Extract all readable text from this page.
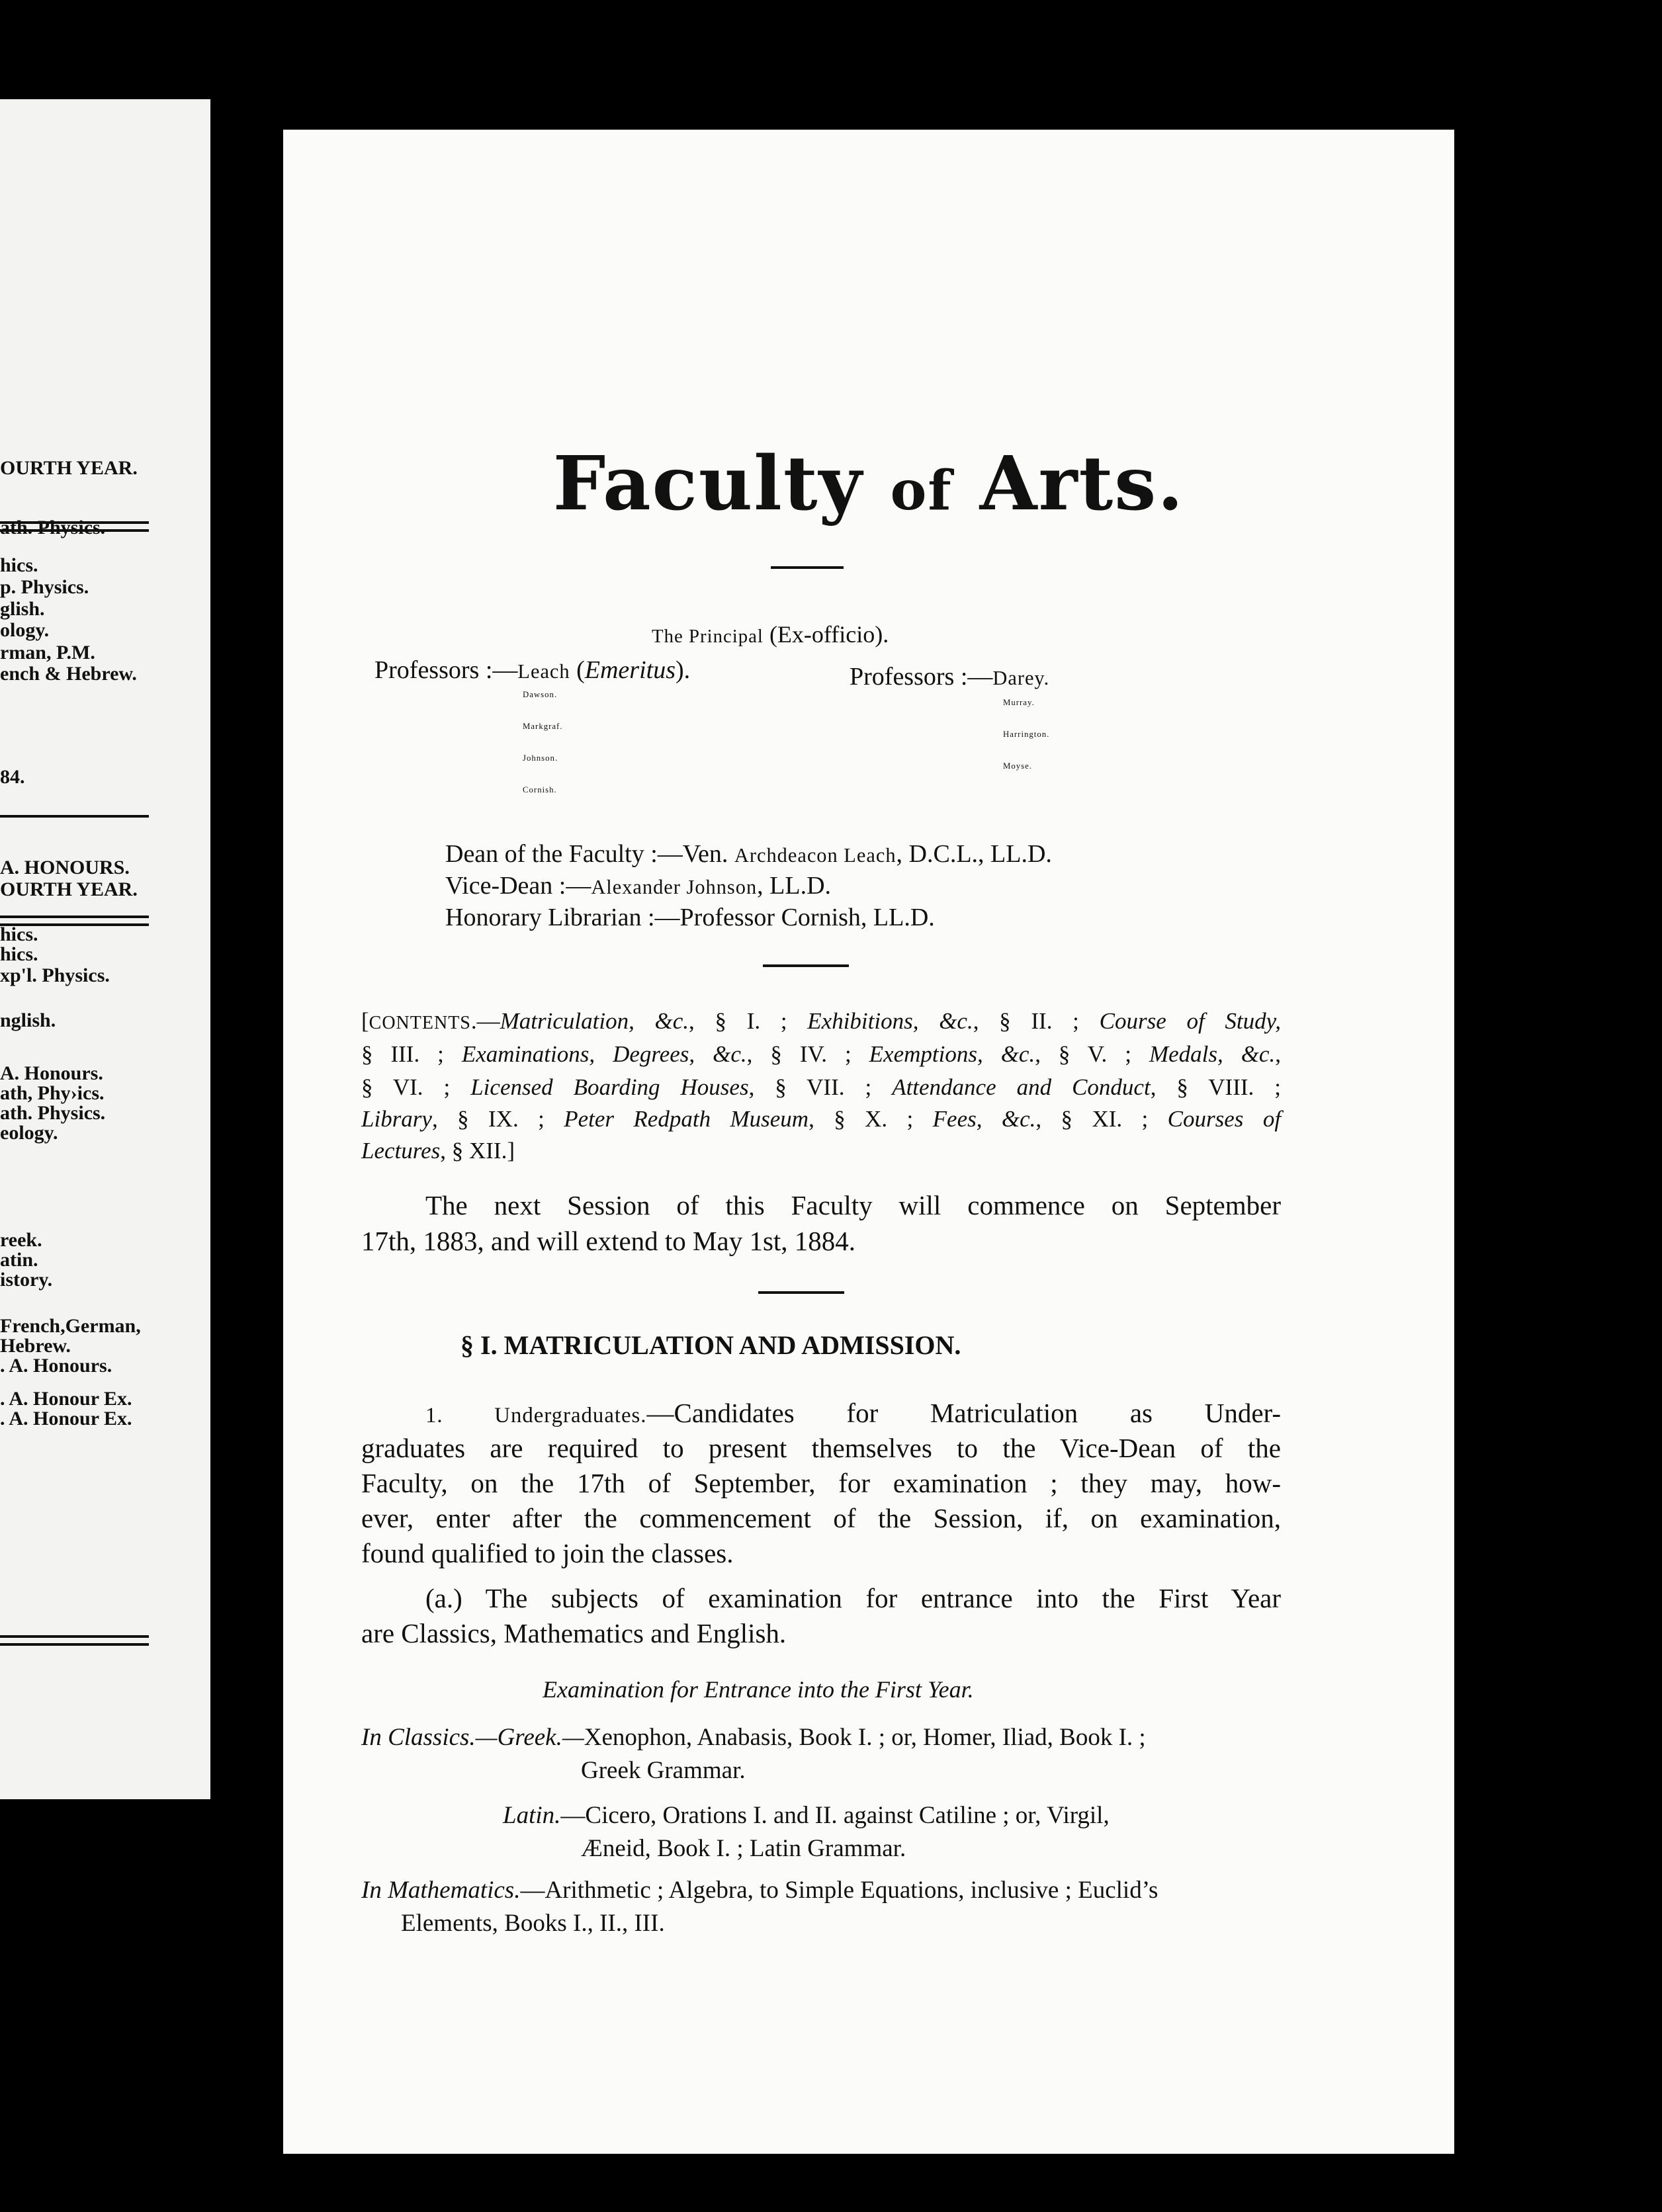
OURTH YEAR.
ath. Physics.
hics.
p. Physics.
glish.
ology.
rman, P.M.
ench & Hebrew.
84.
A. HONOURS.
OURTH YEAR.
hics.
hics.
xp'l. Physics.
nglish.
A. Honours.
ath, Phy›ics.
ath. Physics.
eology.
reek.
atin.
istory.
French,German,
Hebrew.
. A. Honours.
. A. Honour Ex.
. A. Honour Ex.
Faculty of Arts.
The Principal (Ex-officio).
Professors :—Leach (Emeritus).
Dawson.
Markgraf.
Johnson.
Cornish.
Professors :—Darey.
Murray.
Harrington.
Moyse.
Dean of the Faculty :—Ven. Archdeacon Leach, D.C.L., LL.D.
Vice-Dean :—Alexander Johnson, LL.D.
Honorary Librarian :—Professor Cornish, LL.D.
[CONTENTS.—Matriculation, &c., § I. ; Exhibitions, &c., § II. ; Course of Study,
§ III. ; Examinations, Degrees, &c., § IV. ; Exemptions, &c., § V. ; Medals, &c.,
§ VI. ; Licensed Boarding Houses, § VII. ; Attendance and Conduct, § VIII. ;
Library, § IX. ; Peter Redpath Museum, § X. ; Fees, &c., § XI. ; Courses of
Lectures, § XII.]
The next Session of this Faculty will commence on September
17th, 1883, and will extend to May 1st, 1884.
§ I. MATRICULATION AND ADMISSION.
1. Undergraduates.—Candidates for Matriculation as Under-
graduates are required to present themselves to the Vice-Dean of the
Faculty, on the 17th of September, for examination ; they may, how-
ever, enter after the commencement of the Session, if, on examination,
found qualified to join the classes.
(a.) The subjects of examination for entrance into the First Year
are Classics, Mathematics and English.
Examination for Entrance into the First Year.
In Classics.—Greek.—Xenophon, Anabasis, Book I. ; or, Homer, Iliad, Book I. ;
Greek Grammar.
Latin.—Cicero, Orations I. and II. against Catiline ; or, Virgil,
Æneid, Book I. ; Latin Grammar.
In Mathematics.—Arithmetic ; Algebra, to Simple Equations, inclusive ; Euclid’s
Elements, Books I., II., III.
